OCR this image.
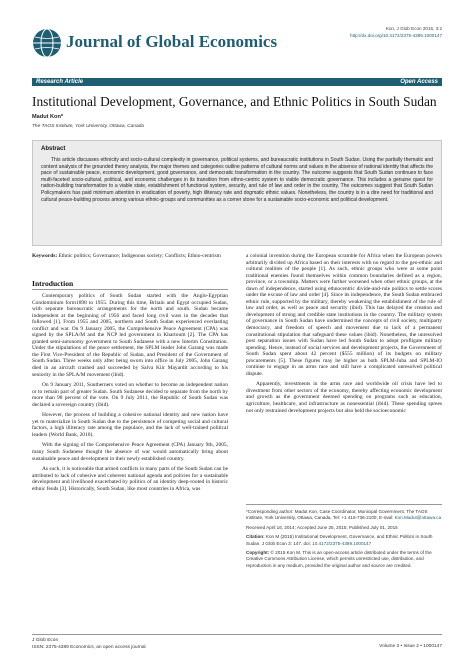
Journal of Global Economics
Kon, J Glob Econ 2015, 3:2
http://dx.doi.org/10.4172/2375-4389.1000147
Research Article	Open Access
Institutional Development, Governance, and Ethnic Politics in South Sudan
Madut Kon*
The TAOS Institute, York University, Ottawa, Canada
Abstract
This article discusses ethnicity and socio-cultural complexity in governance, political systems, and bureaucratic institutions in South Sudan. Using the partially thematic and content analysis of the grounded theory analysis, the major themes and categories outline patterns of cultural norms and values in the absence of national identity that affects the pace of sustainable peace, economic development, good governance, and democratic transformation in the country. The outcome suggests that South Sudan continues to face multi-faceted socio-cultural, political, and economic challenges in its transition from ethno-centric system to viable democratic governance. This includes a genuine quest for nation-building transformation to a viable state, establishment of functional system, security, and rule of law and order in the country. The outcomes suggest that South Sudan Policymakers has paid minimum attention in eradication of poverty, high illiteracy rate and dogmatic ethnic values. Nonetheless, the country is in a dire need for traditional and cultural peace-building process among various ethnic-groups and communities as a corner stone for a sustainable socio-economic and political development.
Keywords: Ethnic politics; Governance; Indigenous society; Conflicts; Ethno-centrism
Introduction

Contemporary politics of South Sudan started with the Anglo-Egyptian Condominium form1898 to 1955. During this time, Britain and Egypt occupied Sudan, with separate bureaucratic arrangements for the north and south. Sudan became independent at the beginning of 1956 and faced long civil wars in the decades that followed [1]. From 1955 and 2005, northern and South Sudan experienced everlasting conflict and war. On 9 January 2005, the Comprehensive Peace Agreement (CPA) was signed by the SPLA/M and the NCP led government in Khartoum [2]. The CPA has granted semi-autonomy government to South Sudanese with a new Interim Constitution. Under the stipulations of the peace settlement, the SPLM leader John Garang was made the First Vice-President of the Republic of Sudan, and President of the Government of South Sudan. Three weeks only after being sworn into office in July 2005, John Garang died in an aircraft crashed and succeeded by Salva Kiir Mayardit according to his seniority in the SPLA/M movement (ibid).

On 9 January 2011, Southerners voted on whether to become an independent nation or to remain part of greater Sudan. South Sudanese decided to separate from the north by more than 98 percent of the vote. On 9 July 2011, the Republic of South Sudan was declared a sovereign country (ibid).

However, the process of building a cohesive national identity and new nation have yet to materialize in South Sudan due to the persistence of competing social and cultural factors, a high illiteracy rate among the populace, and the lack of well-trained political leaders (World Bank, 2010).

With the signing of the Comprehensive Peace Agreement (CPA) January 9th, 2005, many South Sudanese thought the absence of war would automatically bring about sustainable peace and development in their newly established country.

As such, it is noticeable that armed conflicts in many parts of the South Sudan can be attributed to lack of cohesive and coherent national agenda and policies for a sustainable development and livelihood exacerbated by politics of an identity deep-rooted in historic ethnic feuds [3]. Historically, South Sudan, like most countries in Africa, was

a colonial invention during the European scramble for Africa when the European powers arbitrarily divided up Africa based on their interests with no regard to the geo-ethnic and cultural realities of the people [1]. As such, ethnic groups who were at some point traditional enemies found themselves within common boundaries defined as a region, province, or a township. Matters were further worsened when other ethnic groups, at the dawn of independence, started using ethnocentric divide-and-rule politics to settle scores under the excuse of law and order [4]. Since its independence, the South Sudan embraced ethnic rule, supported by the military, thereby weakening the establishment of the rule of law and order, as well as peace and security (ibid). This has delayed the creation and development of strong and credible state institutions in the country. The military system of governance in South Sudan have undermined the concepts of civil society, multiparty democracy, and freedom of speech and movement due to lack of a permanent constitutional stipulation that safeguard these values (ibid). Nonetheless, the unresolved post separation issues with Sudan have led South Sudan to adopt profligate military spending. Hence, instead of social services and development projects, the Government of South Sudan spent about 42 percent ($555 million) of its budgets on military procurements [5]. These figures may be higher as both SPLM-Juba and SPLM-IO continue to engage in an arms race and still have a complicated unresolved political dispute.

Apparently, investments in the arms race and worldwide oil crisis have led to divestment from other sectors of the economy, thereby affecting economic development and growth as the government deemed spending on programs such as education, agriculture, healthcare, and infrastructure as nonessential (ibid). These spending sprees not only restrained development projects but also held the socioeconomic

*Corresponding author: Madut Kon, Case Coordinator, Municipal Government, The TAOS Institute, York University, Ottawa, Canada, Tel: +1 416-736-2100; E-mail: Kon.Madut@ottawa.ca

Received April 16, 2014; Accepted June 25, 2015; Published July 01, 2015

Citation: Kon M (2015) Institutional Development, Governance, and Ethnic Politics in South Sudan. J Glob Econ 3: 147. doi: 10.4172/2375-4389.1000147

Copyright: © 2015 Kon M. This is an open-access article distributed under the terms of the Creative Commons Attribution License, which permits unrestricted use, distribution, and reproduction in any medium, provided the original author and source are credited.

J Glob Econ
ISSN: 2375-4389 Economics, an open access journal	Volume 3 • Issue 2 • 1000147
